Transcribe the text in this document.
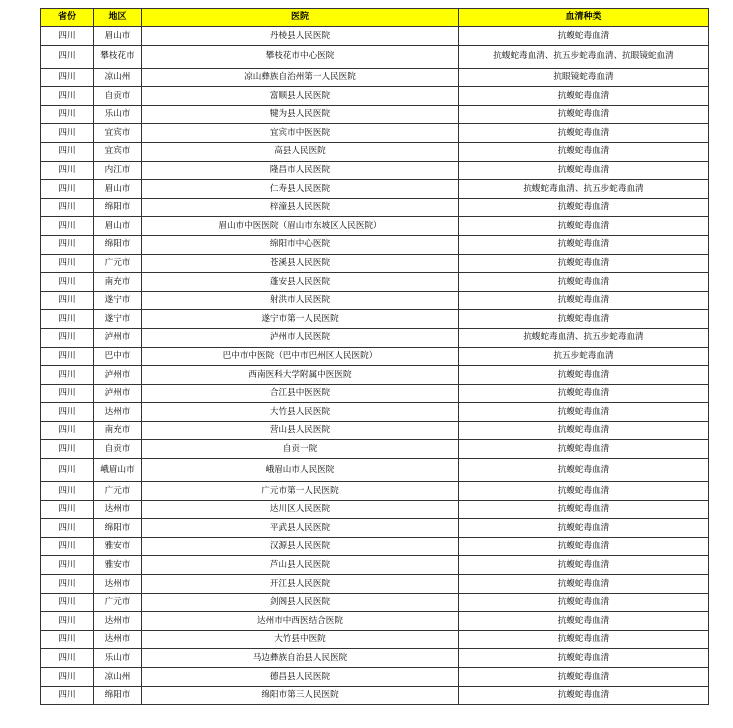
省份	地区	医院	血清种类
四川	眉山市	丹棱县人民医院	抗蝮蛇毒血清
四川	攀枝花市	攀枝花市中心医院	抗蝮蛇毒血清、抗五步蛇毒血清、抗眼镜蛇血清
四川	凉山州	凉山彝族自治州第一人民医院	抗眼镜蛇毒血清
四川	自贡市	富顺县人民医院	抗蝮蛇毒血清
四川	乐山市	犍为县人民医院	抗蝮蛇毒血清
四川	宜宾市	宜宾市中医医院	抗蝮蛇毒血清
四川	宜宾市	高县人民医院	抗蝮蛇毒血清
四川	内江市	隆昌市人民医院	抗蝮蛇毒血清
四川	眉山市	仁寿县人民医院	抗蝮蛇毒血清、抗五步蛇毒血清
四川	绵阳市	梓潼县人民医院	抗蝮蛇毒血清
四川	眉山市	眉山市中医医院（眉山市东坡区人民医院）	抗蝮蛇毒血清
四川	绵阳市	绵阳市中心医院	抗蝮蛇毒血清
四川	广元市	苍溪县人民医院	抗蝮蛇毒血清
四川	南充市	蓬安县人民医院	抗蝮蛇毒血清
四川	遂宁市	射洪市人民医院	抗蝮蛇毒血清
四川	遂宁市	遂宁市第一人民医院	抗蝮蛇毒血清
四川	泸州市	泸州市人民医院	抗蝮蛇毒血清、抗五步蛇毒血清
四川	巴中市	巴中市中医院（巴中市巴州区人民医院）	抗五步蛇毒血清
四川	泸州市	西南医科大学附属中医医院	抗蝮蛇毒血清
四川	泸州市	合江县中医医院	抗蝮蛇毒血清
四川	达州市	大竹县人民医院	抗蝮蛇毒血清
四川	南充市	营山县人民医院	抗蝮蛇毒血清
四川	自贡市	自贡一院	抗蝮蛇毒血清
四川	峨眉山市	峨眉山市人民医院	抗蝮蛇毒血清
四川	广元市	广元市第一人民医院	抗蝮蛇毒血清
四川	达州市	达川区人民医院	抗蝮蛇毒血清
四川	绵阳市	平武县人民医院	抗蝮蛇毒血清
四川	雅安市	汉源县人民医院	抗蝮蛇毒血清
四川	雅安市	芦山县人民医院	抗蝮蛇毒血清
四川	达州市	开江县人民医院	抗蝮蛇毒血清
四川	广元市	剑阁县人民医院	抗蝮蛇毒血清
四川	达州市	达州市中西医结合医院	抗蝮蛇毒血清
四川	达州市	大竹县中医院	抗蝮蛇毒血清
四川	乐山市	马边彝族自治县人民医院	抗蝮蛇毒血清
四川	凉山州	德昌县人民医院	抗蝮蛇毒血清
四川	绵阳市	绵阳市第三人民医院	抗蝮蛇毒血清
